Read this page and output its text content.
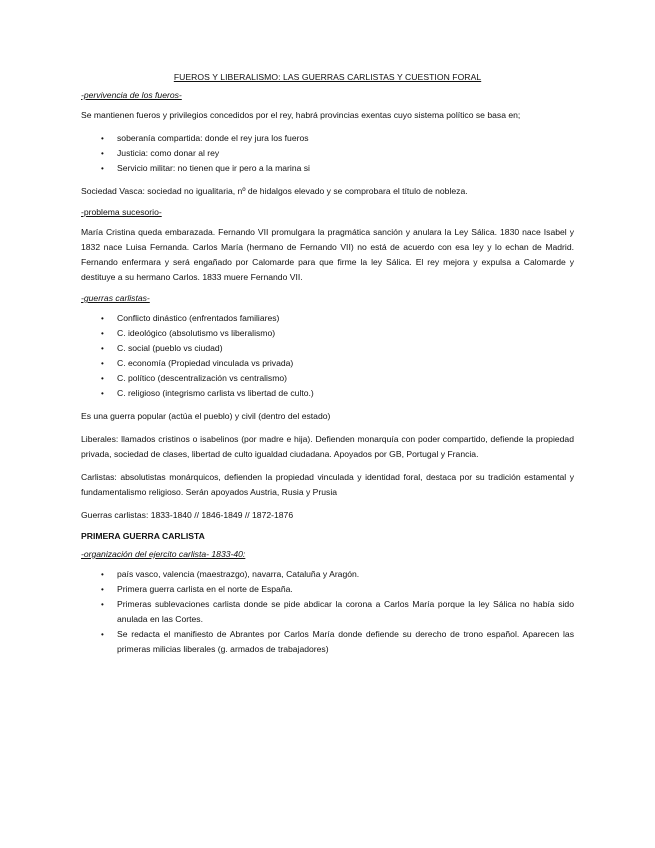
FUEROS Y LIBERALISMO: LAS GUERRAS CARLISTAS Y CUESTION FORAL
-pervivencia de los fueros-

Se mantienen fueros y privilegios concedidos por el rey, habrá provincias exentas cuyo sistema político se basa en;

• soberanía compartida: donde el rey jura los fueros
• Justicia: como donar al rey
• Servicio militar: no tienen que ir pero a la marina si

Sociedad Vasca: sociedad no igualitaria, nº de hidalgos elevado y se comprobara el título de nobleza.

-problema sucesorio-

María Cristina queda embarazada. Fernando VII promulgara la pragmática sanción y anulara la Ley Sálica. 1830 nace Isabel y 1832 nace Luisa Fernanda. Carlos María (hermano de Fernando VII) no está de acuerdo con esa ley y lo echan de Madrid. Fernando enfermara y será engañado por Calomarde para que firme la ley Sálica. El rey mejora y expulsa a Calomarde y destituye a su hermano Carlos. 1833 muere Fernando VII.

-guerras carlistas-
• Conflicto dinástico (enfrentados familiares)
• C. ideológico (absolutismo vs liberalismo)
• C. social (pueblo vs ciudad)
• C. economía (Propiedad vinculada vs privada)
• C. político (descentralización vs centralismo)
• C. religioso (integrismo carlista vs libertad de culto.)

Es una guerra popular (actúa el pueblo) y civil (dentro del estado)

Liberales: llamados cristinos o isabelinos (por madre e hija). Defienden monarquía con poder compartido, defiende la propiedad privada, sociedad de clases, libertad de culto igualdad ciudadana. Apoyados por GB, Portugal y Francia.

Carlistas: absolutistas monárquicos, defienden la propiedad vinculada y identidad foral, destaca por su tradición estamental y fundamentalismo religioso. Serán apoyados Austria, Rusia y Prusia

Guerras carlistas: 1833-1840 // 1846-1849 // 1872-1876

PRIMERA GUERRA CARLISTA
-organización del ejercito carlista- 1833-40:
• país vasco, valencia (maestrazgo), navarra, Cataluña y Aragón.
• Primera guerra carlista en el norte de España.
• Primeras sublevaciones carlista donde se pide abdicar la corona a Carlos María porque la ley Sálica no había sido anulada en las Cortes.
• Se redacta el manifiesto de Abrantes por Carlos María donde defiende su derecho de trono español. Aparecen las primeras milicias liberales (g. armados de trabajadores)
